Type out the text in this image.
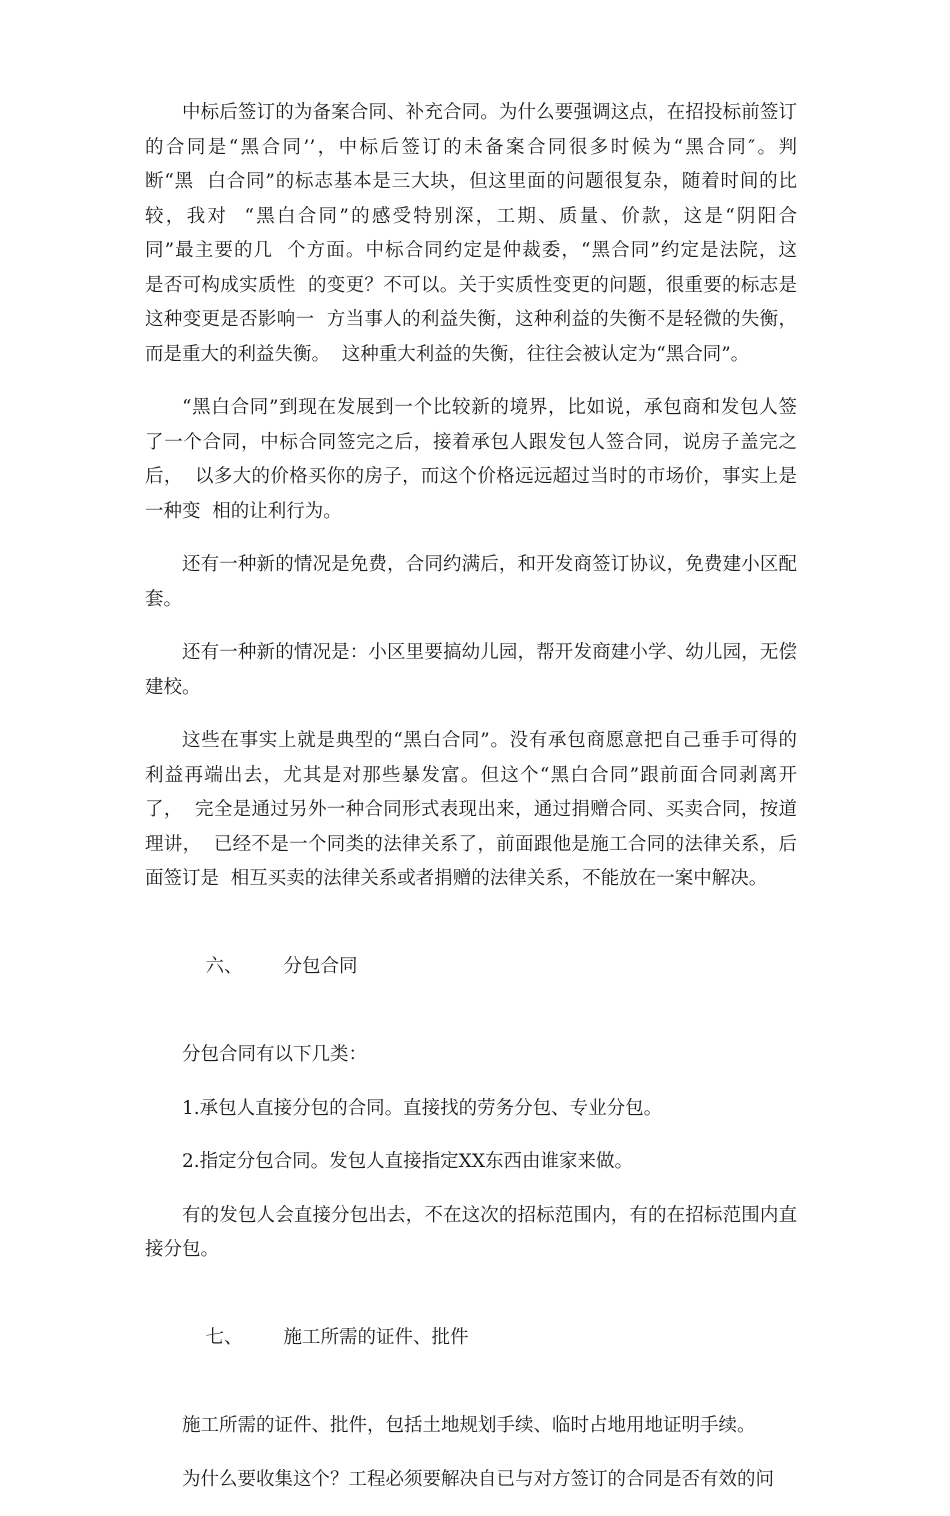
中标后签订的为备案合同、补充合同。为什么要强调这点，在招投标前签订
的合同是“黑合同’’，中标后签订的未备案合同很多时候为“黑合同″。判
断“黑  白合同”的标志基本是三大块，但这里面的问题很复杂，随着时间的比
较，我对  “黑白合同”的感受特别深，工期、质量、价款，这是“阴阳合
同”最主要的几  个方面。中标合同约定是仲裁委，“黑合同”约定是法院，这
是否可构成实质性  的变更？不可以。关于实质性变更的问题，很重要的标志是
这种变更是否影响一  方当事人的利益失衡，这种利益的失衡不是轻微的失衡，
而是重大的利益失衡。  这种重大利益的失衡，往往会被认定为“黑合同”。
“黑白合同”到现在发展到一个比较新的境界，比如说，承包商和发包人签
了一个合同，中标合同签完之后，接着承包人跟发包人签合同，说房子盖完之
后，  以多大的价格买你的房子，而这个价格远远超过当时的市场价，事实上是
一种变  相的让利行为。
还有一种新的情况是免费，合同约满后，和开发商签订协议，免费建小区配
套。
还有一种新的情况是：小区里要搞幼儿园，帮开发商建小学、幼儿园，无偿
建校。
这些在事实上就是典型的“黑白合同”。没有承包商愿意把自己垂手可得的
利益再端出去，尤其是对那些暴发富。但这个“黑白合同”跟前面合同剥离开
了，  完全是通过另外一种合同形式表现出来，通过捐赠合同、买卖合同，按道
理讲，  已经不是一个同类的法律关系了，前面跟他是施工合同的法律关系，后
面签订是  相互买卖的法律关系或者捐赠的法律关系，不能放在一案中解决。

六、 分包合同

分包合同有以下几类：
1.承包人直接分包的合同。直接找的劳务分包、专业分包。
2.指定分包合同。发包人直接指定XX东西由谁家来做。
有的发包人会直接分包出去，不在这次的招标范围内，有的在招标范围内直
接分包。

七、 施工所需的证件、批件

施工所需的证件、批件，包括土地规划手续、临时占地用地证明手续。
为什么要收集这个？工程必须要解决自已与对方签订的合同是否有效的问
